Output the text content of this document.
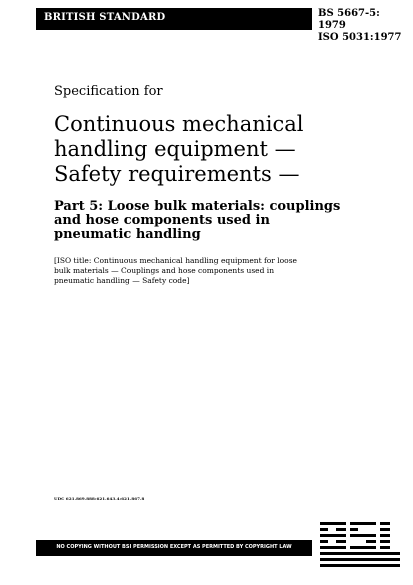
BRITISH STANDARD	BS 5667-5:
1979
ISO 5031:1977
Specification for
Continuous mechanical
handling equipment —
Safety requirements —
Part 5: Loose bulk materials: couplings
and hose components used in
pneumatic handling
[ISO title: Continuous mechanical handling equipment for loose
bulk materials — Couplings and hose components used in
pneumatic handling — Safety code]
UDC 621.869.888:621.643.4:621.867.8
NO COPYING WITHOUT BSI PERMISSION EXCEPT AS PERMITTED BY COPYRIGHT LAW
